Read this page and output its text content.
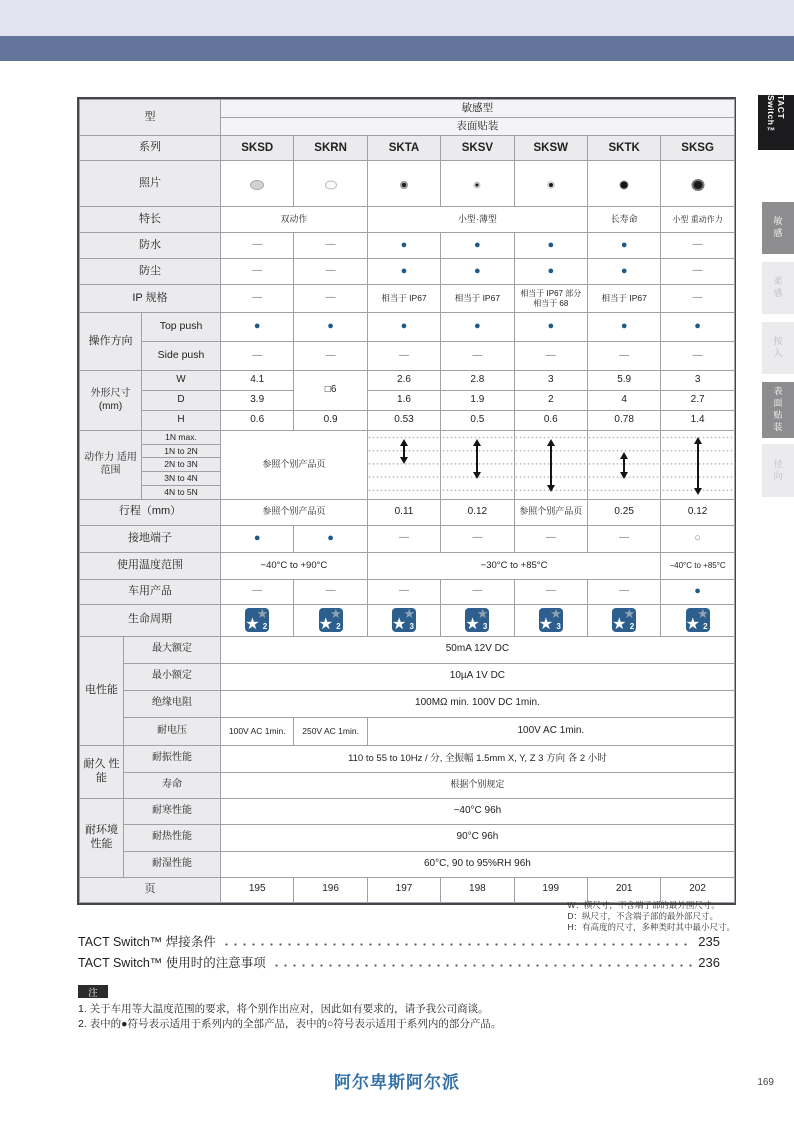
TACT Switch™
敏感
柔感
按入
表面贴装
径向
型			敏感型						
			表面贴装						
系列			SKSD	SKRN	SKTA	SKSV	SKSW	SKTK	SKSG
照片			

特长			双动作		小型·薄型			长寿命	小型 重动作力
防水			—	—	●	●	●	●	—
防尘			—	—	●	●	●	●	—
IP 规格			—	—	相当于 IP67	相当于 IP67	相当于 IP67 部分相当于 68	相当于 IP67	—
操作方向		Top push	●	●	●	●	●	●	●
		Side push	—	—	—	—	—	—	—
外形尺寸 (mm)		W	4.1	□6	2.6	2.8	3	5.9	3
		D	3.9		1.6	1.9	2	4	2.7
		H	0.6	0.9	0.53	0.5	0.6	0.78	1.4
动作力 适用范围		1N max.	参照个别产品页		

		1N to 2N							
		2N to 3N							
		3N to 4N							
		4N to 5N							
行程（mm）			参照个别产品页		0.11	0.12	参照个别产品页	0.25	0.12
接地端子			●	●	—	—	—	—	○
使用温度范围			−40°C to +90°C		−30°C to +85°C				−40°C to +85°C
车用产品			—	—	—	—	—	—	●
生命周期			2	2	3	3	3	2	2

电性能	最大额定		50mA 12V DC						
	最小额定		10µA 1V DC						
	绝缘电阻		100MΩ min. 100V DC 1min.						
	耐电压		100V AC 1min.	250V AC 1min.	100V AC 1min.				
耐久 性能	耐振性能		110 to 55 to 10Hz / 分, 全振幅 1.5mm X, Y, Z 3 方向 各 2 小时						
	寿命		根据个别规定						
耐环境 性能	耐寒性能		−40°C 96h						
	耐热性能		90°C 96h						
	耐湿性能		60°C, 90 to 95%RH 96h						
页			195	196	197	198	199	201	202
W：横尺寸，不含端子部的最外围尺寸。
D：纵尺寸，不含端子部的最外部尺寸。
H：有高度的尺寸，多种类时其中最小尺寸。
TACT Switch™ 焊接条件	235
TACT Switch™ 使用时的注意事项	236
注
1. 关于车用等大温度范围的要求，将个别作出应对，因此如有要求的，请予我公司商谈。
2. 表中的●符号表示适用于系列内的全部产品，表中的○符号表示适用于系列内的部分产品。
阿尔卑斯阿尔派	169
